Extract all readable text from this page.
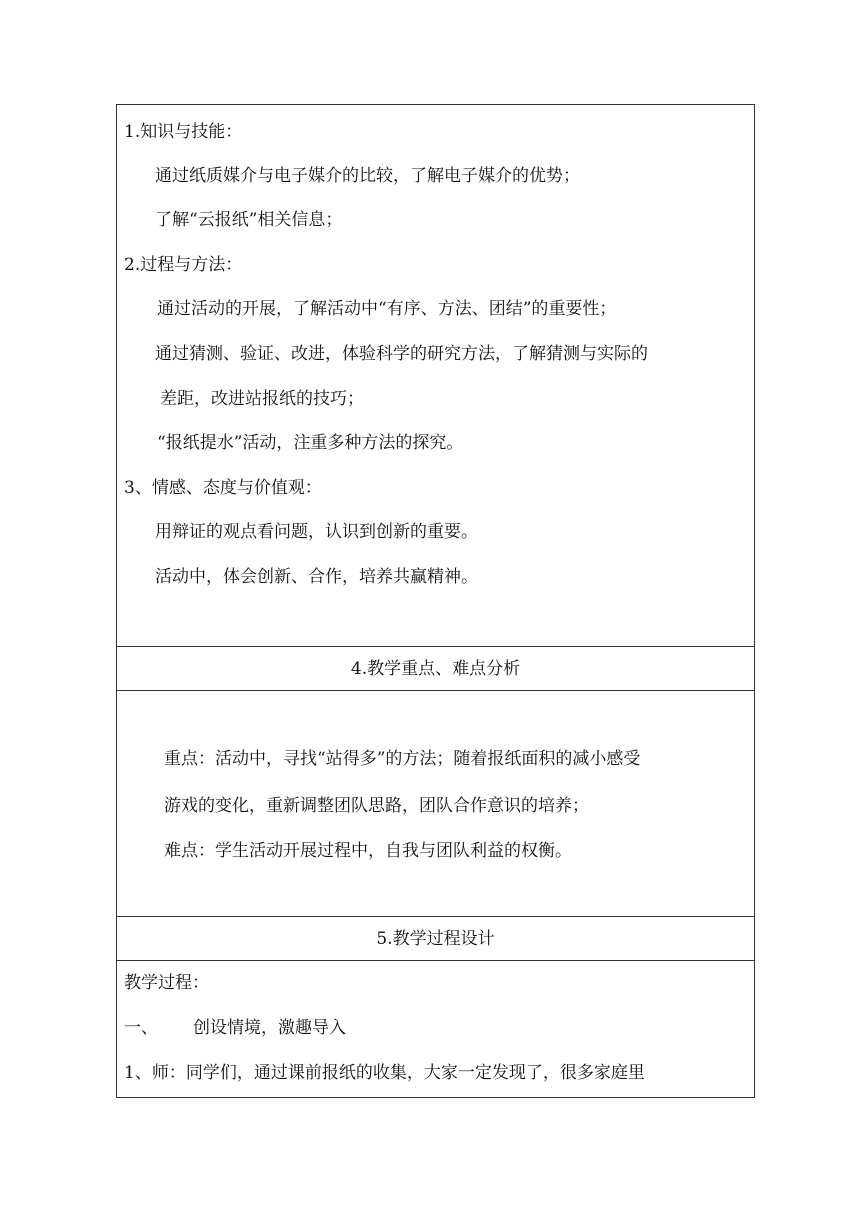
1.知识与技能：
通过纸质媒介与电子媒介的比较，了解电子媒介的优势；
了解“云报纸”相关信息；
2.过程与方法：
通过活动的开展，了解活动中“有序、方法、团结”的重要性；
通过猜测、验证、改进，体验科学的研究方法，了解猜测与实际的
差距，改进站报纸的技巧；
“报纸提水”活动，注重多种方法的探究。
3、情感、态度与价值观：
用辩证的观点看问题，认识到创新的重要。
活动中，体会创新、合作，培养共赢精神。
4.教学重点、难点分析
重点：活动中，寻找“站得多”的方法；随着报纸面积的减小感受
游戏的变化，重新调整团队思路，团队合作意识的培养；
难点：学生活动开展过程中，自我与团队利益的权衡。
5.教学过程设计
教学过程：
一、 创设情境，激趣导入
1、师：同学们，通过课前报纸的收集，大家一定发现了，很多家庭里
